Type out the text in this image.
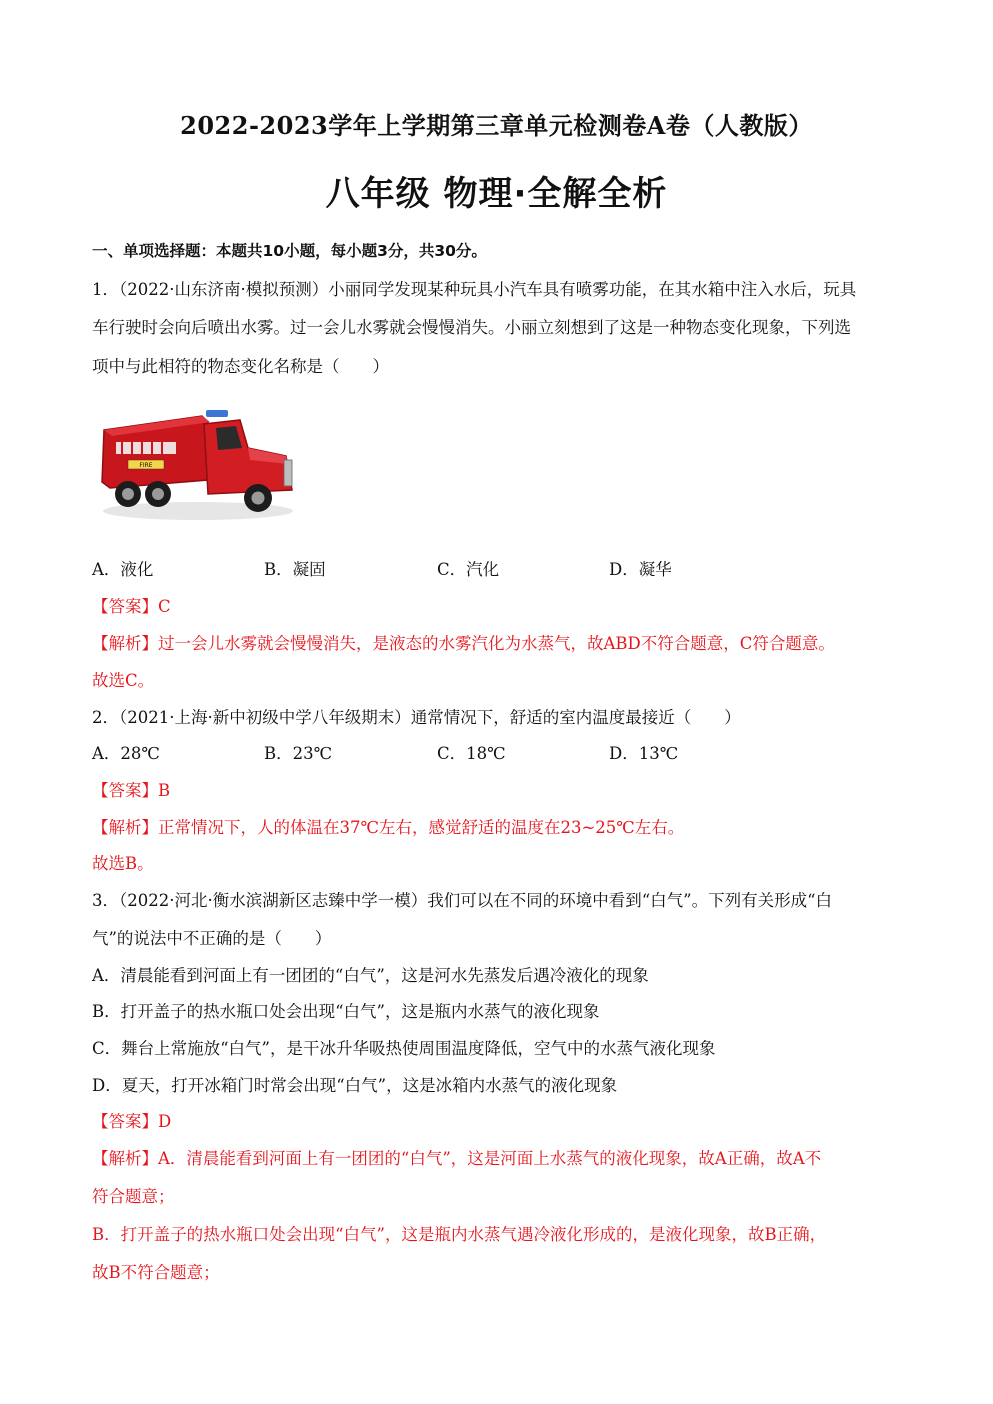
2022-2023学年上学期第三章单元检测卷A卷（人教版）
八年级 物理·全解全析
一、单项选择题：本题共10小题，每小题3分，共30分。
1．（2022·山东济南·模拟预测）小丽同学发现某种玩具小汽车具有喷雾功能，在其水箱中注入水后，玩具
车行驶时会向后喷出水雾。过一会儿水雾就会慢慢消失。小丽立刻想到了这是一种物态变化现象，下列选
项中与此相符的物态变化名称是（　　）
FIRE
A．液化	B．凝固	C．汽化	D．凝华
【答案】C
【解析】过一会儿水雾就会慢慢消失，是液态的水雾汽化为水蒸气，故ABD不符合题意，C符合题意。
故选C。
2．（2021·上海·新中初级中学八年级期末）通常情况下，舒适的室内温度最接近（　　）
A．28℃	B．23℃	C．18℃	D．13℃
【答案】B
【解析】正常情况下，人的体温在37℃左右，感觉舒适的温度在23~25℃左右。
故选B。
3．（2022·河北·衡水滨湖新区志臻中学一模）我们可以在不同的环境中看到“白气”。下列有关形成“白
气”的说法中不正确的是（　　）
A．清晨能看到河面上有一团团的“白气”，这是河水先蒸发后遇冷液化的现象
B．打开盖子的热水瓶口处会出现“白气”，这是瓶内水蒸气的液化现象
C．舞台上常施放“白气”，是干冰升华吸热使周围温度降低，空气中的水蒸气液化现象
D．夏天，打开冰箱门时常会出现“白气”，这是冰箱内水蒸气的液化现象
【答案】D
【解析】A．清晨能看到河面上有一团团的“白气”，这是河面上水蒸气的液化现象，故A正确，故A不
符合题意；
B．打开盖子的热水瓶口处会出现“白气”，这是瓶内水蒸气遇冷液化形成的，是液化现象，故B正确，
故B不符合题意；
